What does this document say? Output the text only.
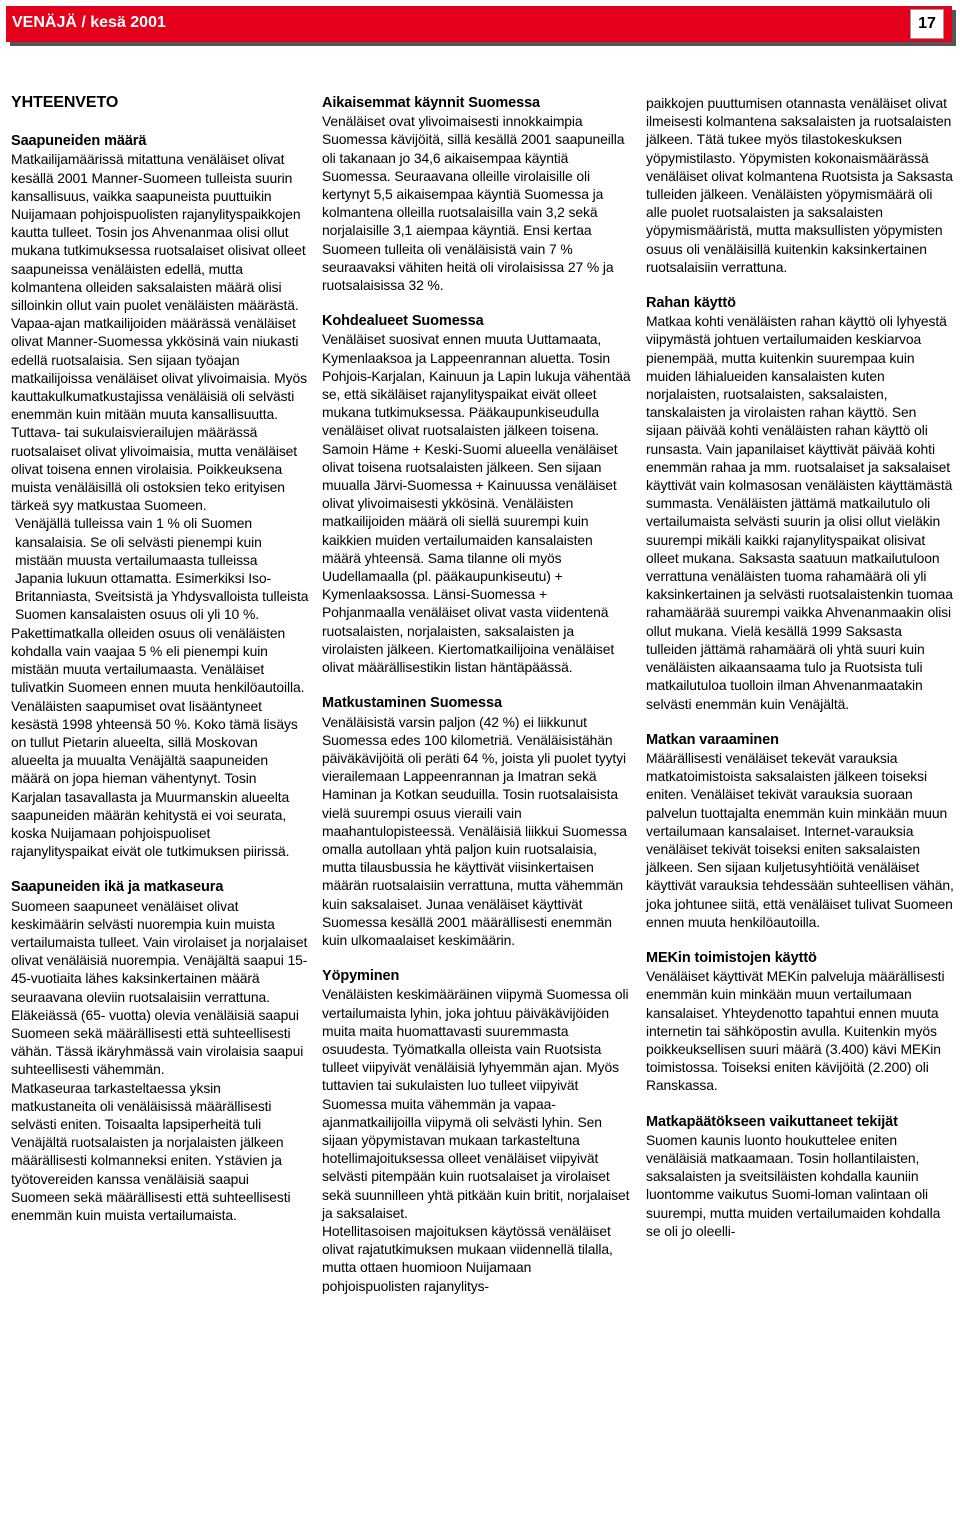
VENÄJÄ / kesä 2001	17
YHTEENVETO
Saapuneiden määrä

Matkailijamäärissä mitattuna venäläiset olivat kesällä 2001 Manner-Suomeen tulleista suurin kansallisuus, vaikka saapuneista puuttuikin Nuijamaan pohjoispuolisten rajanylityspaikkojen kautta tulleet. Tosin jos Ahvenanmaa olisi ollut mukana tutkimuksessa ruotsalaiset olisivat olleet saapuneissa venäläisten edellä, mutta kolmantena olleiden saksalaisten määrä olisi silloinkin ollut vain puolet venäläisten määrästä. Vapaa-ajan matkailijoiden määrässä venäläiset olivat Manner-Suomessa ykkösinä vain niukasti edellä ruotsalaisia. Sen sijaan työajan matkailijoissa venäläiset olivat ylivoimaisia. Myös kauttakulkumatkustajissa venäläisiä oli selvästi enemmän kuin mitään muuta kansallisuutta. Tuttava- tai sukulaisvierailujen määrässä ruotsalaiset olivat ylivoimaisia, mutta venäläiset olivat toisena ennen virolaisia. Poikkeuksena muista venäläisillä oli ostoksien teko erityisen tärkeä syy matkustaa Suomeen.

Venäjällä tulleissa vain 1 % oli Suomen kansalaisia. Se oli selvästi pienempi kuin mistään muusta vertailumaasta tulleissa Japania lukuun ottamatta. Esimerkiksi Iso-Britanniasta, Sveitsistä ja Yhdysvalloista tulleista Suomen kansalaisten osuus oli yli 10 %.

Pakettimatkalla olleiden osuus oli venäläisten kohdalla vain vaajaa 5 % eli pienempi kuin mistään muuta vertailumaasta. Venäläiset tulivatkin Suomeen ennen muuta henkilöautoilla.

Venäläisten saapumiset ovat lisääntyneet kesästä 1998 yhteensä 50 %. Koko tämä lisäys on tullut Pietarin alueelta, sillä Moskovan alueelta ja muualta Venäjältä saapuneiden määrä on jopa hieman vähentynyt. Tosin Karjalan tasavallasta ja Muurmanskin alueelta saapuneiden määrän kehitystä ei voi seurata, koska Nuijamaan pohjoispuoliset rajanylityspaikat eivät ole tutkimuksen piirissä.

Saapuneiden ikä ja matkaseura

Suomeen saapuneet venäläiset olivat keskimäärin selvästi nuorempia kuin muista vertailumaista tulleet. Vain virolaiset ja norjalaiset olivat venäläisiä nuorempia. Venäjältä saapui 15-45-vuotiaita lähes kaksinkertainen määrä seuraavana oleviin ruotsalaisiin verrattuna. Eläkeiässä (65- vuotta) olevia venäläisiä saapui Suomeen sekä määrällisesti että suhteellisesti vähän. Tässä ikäryhmässä vain virolaisia saapui suhteellisesti vähemmän.

Matkaseuraa tarkasteltaessa yksin matkustaneita oli venäläisissä määrällisesti selvästi eniten. Toisaalta lapsiperheitä tuli Venäjältä ruotsalaisten ja norjalaisten jälkeen määrällisesti kolmanneksi eniten. Ystävien ja työtovereiden kanssa venäläisiä saapui Suomeen sekä määrällisesti että suhteellisesti enemmän kuin muista vertailumaista.

Aikaisemmat käynnit Suomessa

Venäläiset ovat ylivoimaisesti innokkaimpia Suomessa kävijöitä, sillä kesällä 2001 saapuneilla oli takanaan jo 34,6 aikaisempaa käyntiä Suomessa. Seuraavana olleille virolaisille oli kertynyt 5,5 aikaisempaa käyntiä Suomessa ja kolmantena olleilla ruotsalaisilla vain 3,2 sekä norjalaisille 3,1 aiempaa käyntiä. Ensi kertaa Suomeen tulleita oli venäläisistä vain 7 % seuraavaksi vähiten heitä oli virolaisissa 27 % ja ruotsalaisissa 32 %.

Kohdealueet Suomessa

Venäläiset suosivat ennen muuta Uuttamaata, Kymenlaaksoa ja Lappeenrannan aluetta. Tosin Pohjois-Karjalan, Kainuun ja Lapin lukuja vähentää se, että sikäläiset rajanylityspaikat eivät olleet mukana tutkimuksessa. Pääkaupunkiseudulla venäläiset olivat ruotsalaisten jälkeen toisena. Samoin Häme + Keski-Suomi alueella venäläiset olivat toisena ruotsalaisten jälkeen. Sen sijaan muualla Järvi-Suomessa + Kainuussa venäläiset olivat ylivoimaisesti ykkösinä. Venäläisten matkailijoiden määrä oli siellä suurempi kuin kaikkien muiden vertailumaiden kansalaisten määrä yhteensä. Sama tilanne oli myös Uudellamaalla (pl. pääkaupunkiseutu) + Kymenlaaksossa. Länsi-Suomessa + Pohjanmaalla venäläiset olivat vasta viidentenä ruotsalaisten, norjalaisten, saksalaisten ja virolaisten jälkeen. Kiertomatkailijoina venäläiset olivat määrällisestikin listan häntäpäässä.

Matkustaminen Suomessa

Venäläisistä varsin paljon (42 %) ei liikkunut Suomessa edes 100 kilometriä. Venäläisistähän päiväkävijöitä oli peräti 64 %, joista yli puolet tyytyi vierailemaan Lappeenrannan ja Imatran sekä Haminan ja Kotkan seuduilla. Tosin ruotsalaisista vielä suurempi osuus vieraili vain maahantulopisteessä. Venäläisiä liikkui Suomessa omalla autollaan yhtä paljon kuin ruotsalaisia, mutta tilausbussia he käyttivät viisinkertaisen määrän ruotsalaisiin verrattuna, mutta vähemmän kuin saksalaiset. Junaa venäläiset käyttivät Suomessa kesällä 2001 määrällisesti enemmän kuin ulkomaalaiset keskimäärin.

Yöpyminen

Venäläisten keskimääräinen viipymä Suomessa oli vertailumaista lyhin, joka johtuu päiväkävijöiden muita maita huomattavasti suuremmasta osuudesta. Työmatkalla olleista vain Ruotsista tulleet viipyivät venäläisiä lyhyemmän ajan. Myös tuttavien tai sukulaisten luo tulleet viipyivät Suomessa muita vähemmän ja vapaa-ajanmatkailijoilla viipymä oli selvästi lyhin. Sen sijaan yöpymistavan mukaan tarkasteltuna hotellimajoituksessa olleet venäläiset viipyivät selvästi pitempään kuin ruotsalaiset ja virolaiset sekä suunnilleen yhtä pitkään kuin britit, norjalaiset ja saksalaiset.

Hotellitasoisen majoituksen käytössä venäläiset olivat rajatutkimuksen mukaan viidennellä tilalla, mutta ottaen huomioon Nuijamaan pohjoispuolisten rajanylitys-

paikkojen puuttumisen otannasta venäläiset olivat ilmeisesti kolmantena saksalaisten ja ruotsalaisten jälkeen. Tätä tukee myös tilastokeskuksen yöpymistilasto. Yöpymisten kokonaismäärässä venäläiset olivat kolmantena Ruotsista ja Saksasta tulleiden jälkeen. Venäläisten yöpymismäärä oli alle puolet ruotsalaisten ja saksalaisten yöpymismääristä, mutta maksullisten yöpymisten osuus oli venäläisillä kuitenkin kaksinkertainen ruotsalaisiin verrattuna.

Rahan käyttö

Matkaa kohti venäläisten rahan käyttö oli lyhyestä viipymästä johtuen vertailumaiden keskiarvoa pienempää, mutta kuitenkin suurempaa kuin muiden lähialueiden kansalaisten kuten norjalaisten, ruotsalaisten, saksalaisten, tanskalaisten ja virolaisten rahan käyttö. Sen sijaan päivää kohti venäläisten rahan käyttö oli runsasta. Vain japanilaiset käyttivät päivää kohti enemmän rahaa ja mm. ruotsalaiset ja saksalaiset käyttivät vain kolmasosan venäläisten käyttämästä summasta. Venäläisten jättämä matkailutulo oli vertailumaista selvästi suurin ja olisi ollut vieläkin suurempi mikäli kaikki rajanylityspaikat olisivat olleet mukana. Saksasta saatuun matkailutuloon verrattuna venäläisten tuoma rahamäärä oli yli kaksinkertainen ja selvästi ruotsalaistenkin tuomaa rahamäärää suurempi vaikka Ahvenanmaakin olisi ollut mukana. Vielä kesällä 1999 Saksasta tulleiden jättämä rahamäärä oli yhtä suuri kuin venäläisten aikaansaama tulo ja Ruotsista tuli matkailutuloa tuolloin ilman Ahvenanmaatakin selvästi enemmän kuin Venäjältä.

Matkan varaaminen

Määrällisesti venäläiset tekevät varauksia matkatoimistoista saksalaisten jälkeen toiseksi eniten. Venäläiset tekivät varauksia suoraan palvelun tuottajalta enemmän kuin minkään muun vertailumaan kansalaiset. Internet-varauksia venäläiset tekivät toiseksi eniten saksalaisten jälkeen. Sen sijaan kuljetusyhtiöitä venäläiset käyttivät varauksia tehdessään suhteellisen vähän, joka johtunee siitä, että venäläiset tulivat Suomeen ennen muuta henkilöautoilla.

MEKin toimistojen käyttö

Venäläiset käyttivät MEKin palveluja määrällisesti enemmän kuin minkään muun vertailumaan kansalaiset. Yhteydenotto tapahtui ennen muuta internetin tai sähköpostin avulla. Kuitenkin myös poikkeuksellisen suuri määrä (3.400) kävi MEKin toimistossa. Toiseksi eniten kävijöitä (2.200) oli Ranskassa.

Matkapäätökseen vaikuttaneet tekijät

Suomen kaunis luonto houkuttelee eniten venäläisiä matkaamaan. Tosin hollantilaisten, saksalaisten ja sveitsiläisten kohdalla kauniin luontomme vaikutus Suomi-loman valintaan oli suurempi, mutta muiden vertailumaiden kohdalla se oli jo oleelli-
